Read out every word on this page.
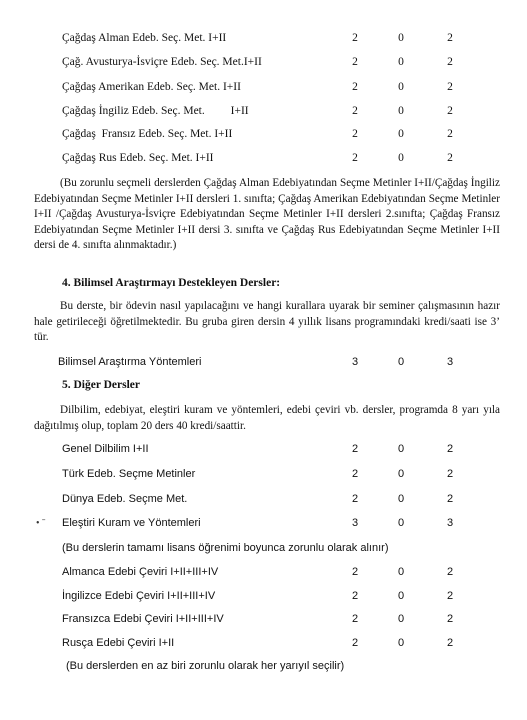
Çağdaş Alman Edeb. Seç. Met. I+II	2	0	2
Çağ. Avusturya-İsviçre Edeb. Seç. Met.I+II	2	0	2
Çağdaş Amerikan Edeb. Seç. Met. I+II	2	0	2
Çağdaş İngiliz Edeb. Seç. Met.         I+II	2	0	2
Çağdaş  Fransız Edeb. Seç. Met. I+II	2	0	2
Çağdaş Rus Edeb. Seç. Met. I+II	2	0	2
(Bu zorunlu seçmeli derslerden Çağdaş Alman Edebiyatından Seçme Metinler I+II/Çağdaş İngiliz Edebiyatından Seçme Metinler I+II dersleri 1. sınıfta; Çağdaş Amerikan Edebiyatından Seçme Metinler I+II /Çağdaş Avusturya-İsviçre Edebiyatından Seçme Metinler I+II dersleri 2.sınıfta; Çağdaş Fransız Edebiyatından Seçme Metinler I+II dersi 3. sınıfta ve Çağdaş Rus Edebiyatından Seçme Metinler I+II dersi de 4. sınıfta alınmaktadır.)
4. Bilimsel Araştırmayı Destekleyen Dersler:
Bu derste, bir ödevin nasıl yapılacağını ve hangi kurallara uyarak bir seminer çalışmasının hazır hale getirileceği öğretilmektedir. Bu gruba giren dersin 4 yıllık lisans programındaki kredi/saati ise 3’ tür.
Bilimsel Araştırma Yöntemleri	3	0	3
5. Diğer Dersler
Dilbilim, edebiyat, eleştiri kuram ve yöntemleri, edebi çeviri vb. dersler, programda 8 yarı yıla dağıtılmış olup, toplam 20 ders 40 kredi/saattir.
Genel Dilbilim I+II	2	0	2
Türk Edeb. Seçme Metinler	2	0	2
Dünya Edeb. Seçme Met.	2	0	2
• ˉ Eleştiri Kuram ve Yöntemleri	3	0	3
(Bu derslerin tamamı lisans öğrenimi boyunca zorunlu olarak alınır)
Almanca Edebi Çeviri I+II+III+IV	2	0	2
İngilizce Edebi Çeviri I+II+III+IV	2	0	2
Fransızca Edebi Çeviri I+II+III+IV	2	0	2
Rusça Edebi Çeviri I+II	2	0	2
(Bu derslerden en az biri zorunlu olarak her yarıyıl seçilir)
